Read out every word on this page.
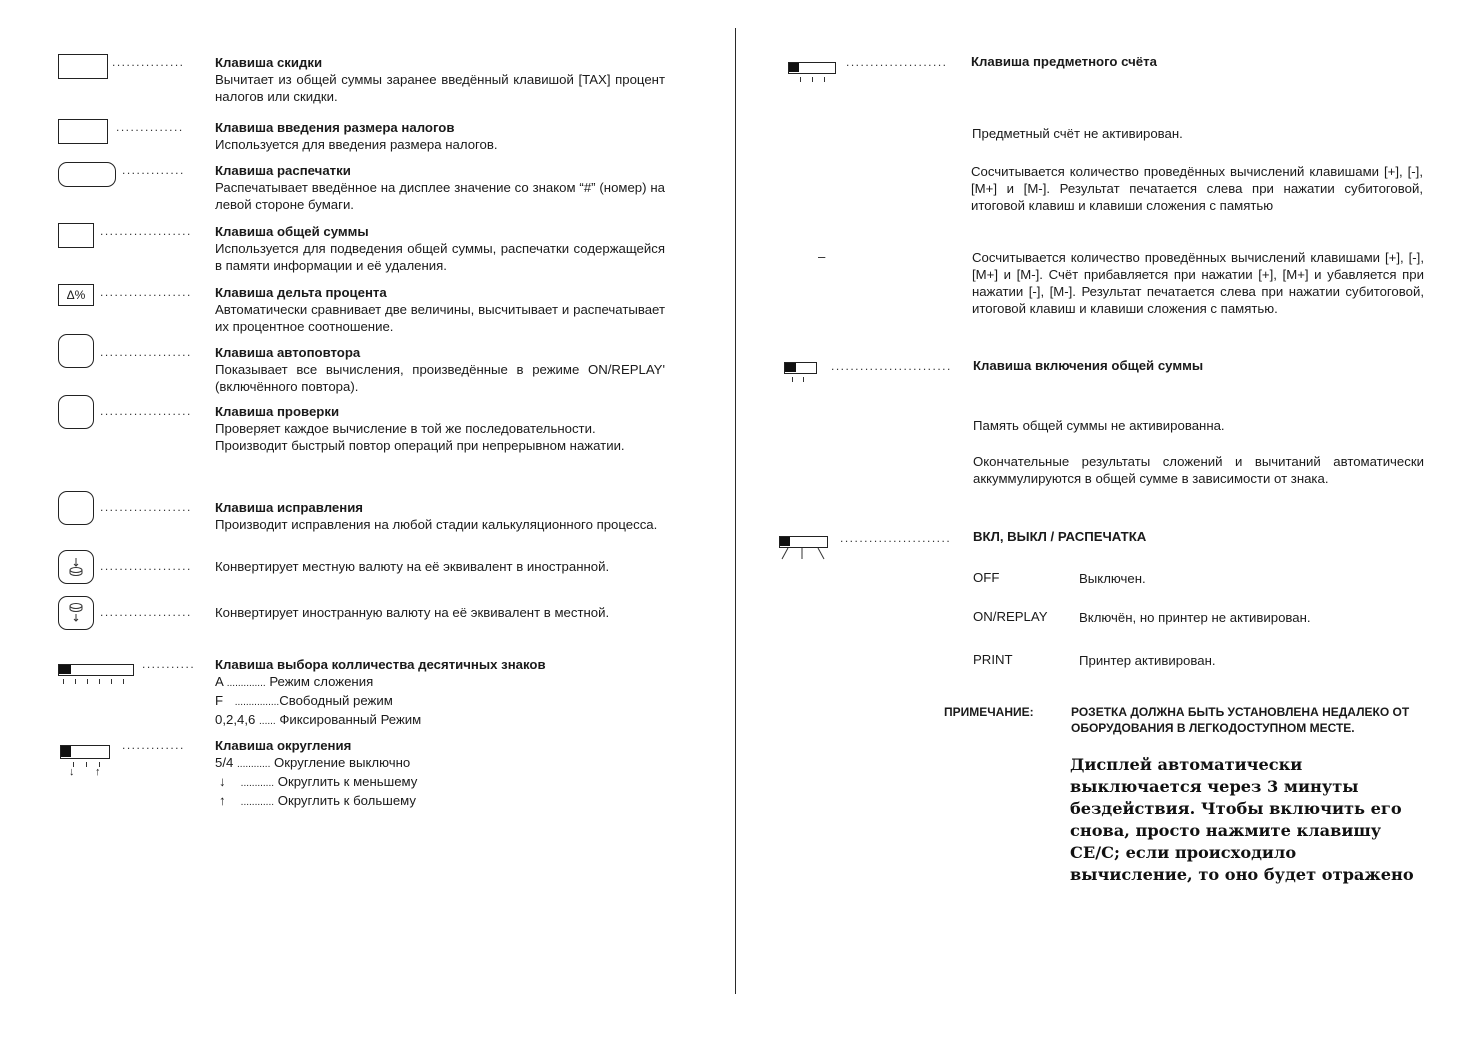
............... Клавиша скидки
Вычитает из общей суммы заранее введённый клавишой [TAX] процент налогов или скидки.
.............. Клавиша введения размера налогов
Используется для введения размера налогов.
............. Клавиша распечатки
Распечатывает введённое на дисплее значение со знаком “#” (номер) на левой стороне бумаги.
................... Клавиша общей суммы
Используется для подведения общей суммы, распечатки содержащейся в памяти информации и её удаления.
Δ%	................... Клавиша дельта процента
Автоматически сравнивает две величины, высчитывает и распечатывает их процентное соотношение.
................... Клавиша автоповтора
Показывает все вычисления, произведённые в режиме ON/REPLAY' (включённого повтора).
................... Клавиша проверки
Проверяет каждое вычисление в той же последовательности.
Производит быстрый повтор операций при непрерывном нажатии.
................... Клавиша исправления
Производит исправления на любой стадии калькуляционного процесса.
................... Конвертирует местную валюту на её эквивалент в иностранной.
................... Конвертирует иностранную валюту на её эквивалент в местной.
........... Клавиша выбора колличества десятичных знаков
A .............. Режим сложения
F ................Свободный режим
0,2,4,6 ...... Фиксированный Режим
↓ ↑
............. Клавиша округления
5/4 ............ Округление выключно
↓ ............ Округлить к меньшему
↑ ............ Округлить к большему
..................... Клавиша предметного счёта
Предметный счёт не активирован.
Сосчитывается количество проведённых вычислений клавишами [+], [-], [M+] и [M-]. Результат печатается слева при нажатии субитоговой, итоговой клавиш и клавиши сложения с памятью
–	Сосчитывается количество проведённых вычислений клавишами [+], [-], [M+] и [M-]. Счёт прибавляется при нажатии [+], [M+] и убавляется при нажатии [-], [M-]. Результат печатается слева при нажатии субитоговой, итоговой клавиш и клавиши сложения с памятью.
......................... Клавиша включения общей суммы
Память общей суммы не активированна.
Окончательные результаты сложений и вычитаний автоматически аккуммулируются в общей сумме в зависимости от знака.
....................... ВКЛ, ВЫКЛ / РАСПЕЧАТКА
OFF	Выключен.
ON/REPLAY Включён, но принтер не активирован.
PRINT	Принтер активирован.
ПРИМЕЧАНИЕ:	РОЗЕТКА ДОЛЖНА БЫТЬ УСТАНОВЛЕНА НЕДАЛЕКО ОТ ОБОРУДОВАНИЯ В ЛЕГКОДОСТУПНОМ МЕСТЕ.
Дисплей автоматически выключается через 3 минуты бездействия. Чтобы включить его снова, просто нажмите клавишу CE/C; если происходило вычисление, то оно будет отражено
